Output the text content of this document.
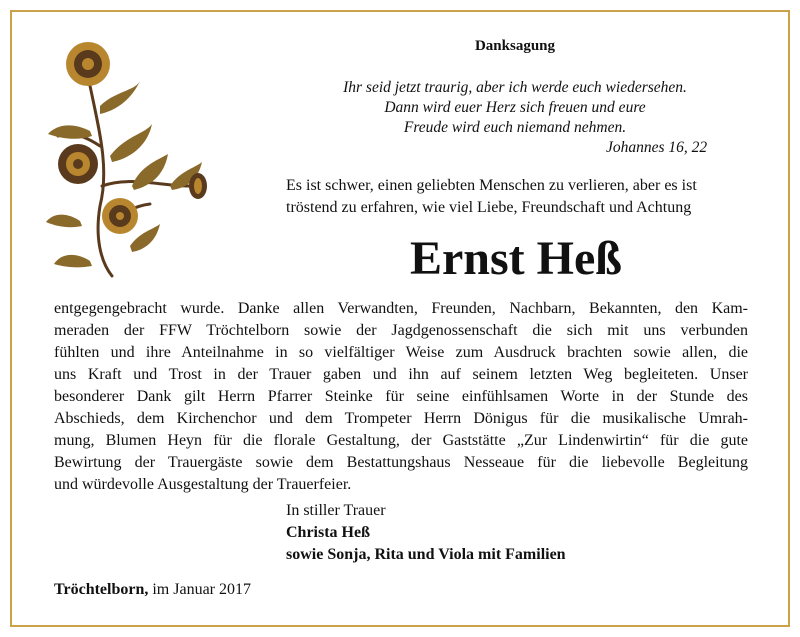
Danksagung
Ihr seid jetzt traurig, aber ich werde euch wiedersehen.
Dann wird euer Herz sich freuen und eure
Freude wird euch niemand nehmen.
Johannes 16, 22
Es ist schwer, einen geliebten Menschen zu verlieren, aber es ist
tröstend zu erfahren, wie viel Liebe, Freundschaft und Achtung
Ernst Heß
entgegengebracht wurde. Danke allen Verwandten, Freunden, Nachbarn, Bekannten, den Kam-
meraden der FFW Tröchtelborn sowie der Jagdgenossenschaft die sich mit uns verbunden
fühlten und ihre Anteilnahme in so vielfältiger Weise zum Ausdruck brachten sowie allen, die
uns Kraft und Trost in der Trauer gaben und ihn auf seinem letzten Weg begleiteten. Unser
besonderer Dank gilt Herrn Pfarrer Steinke für seine einfühlsamen Worte in der Stunde des
Abschieds, dem Kirchenchor und dem Trompeter Herrn Dönigus für die musikalische Umrah-
mung, Blumen Heyn für die florale Gestaltung, der Gaststätte „Zur Lindenwirtin“ für die gute
Bewirtung der Trauergäste sowie dem Bestattungshaus Nesseaue für die liebevolle Begleitung
und würdevolle Ausgestaltung der Trauerfeier.
In stiller Trauer
Christa Heß
sowie Sonja, Rita und Viola mit Familien
Tröchtelborn, im Januar 2017
